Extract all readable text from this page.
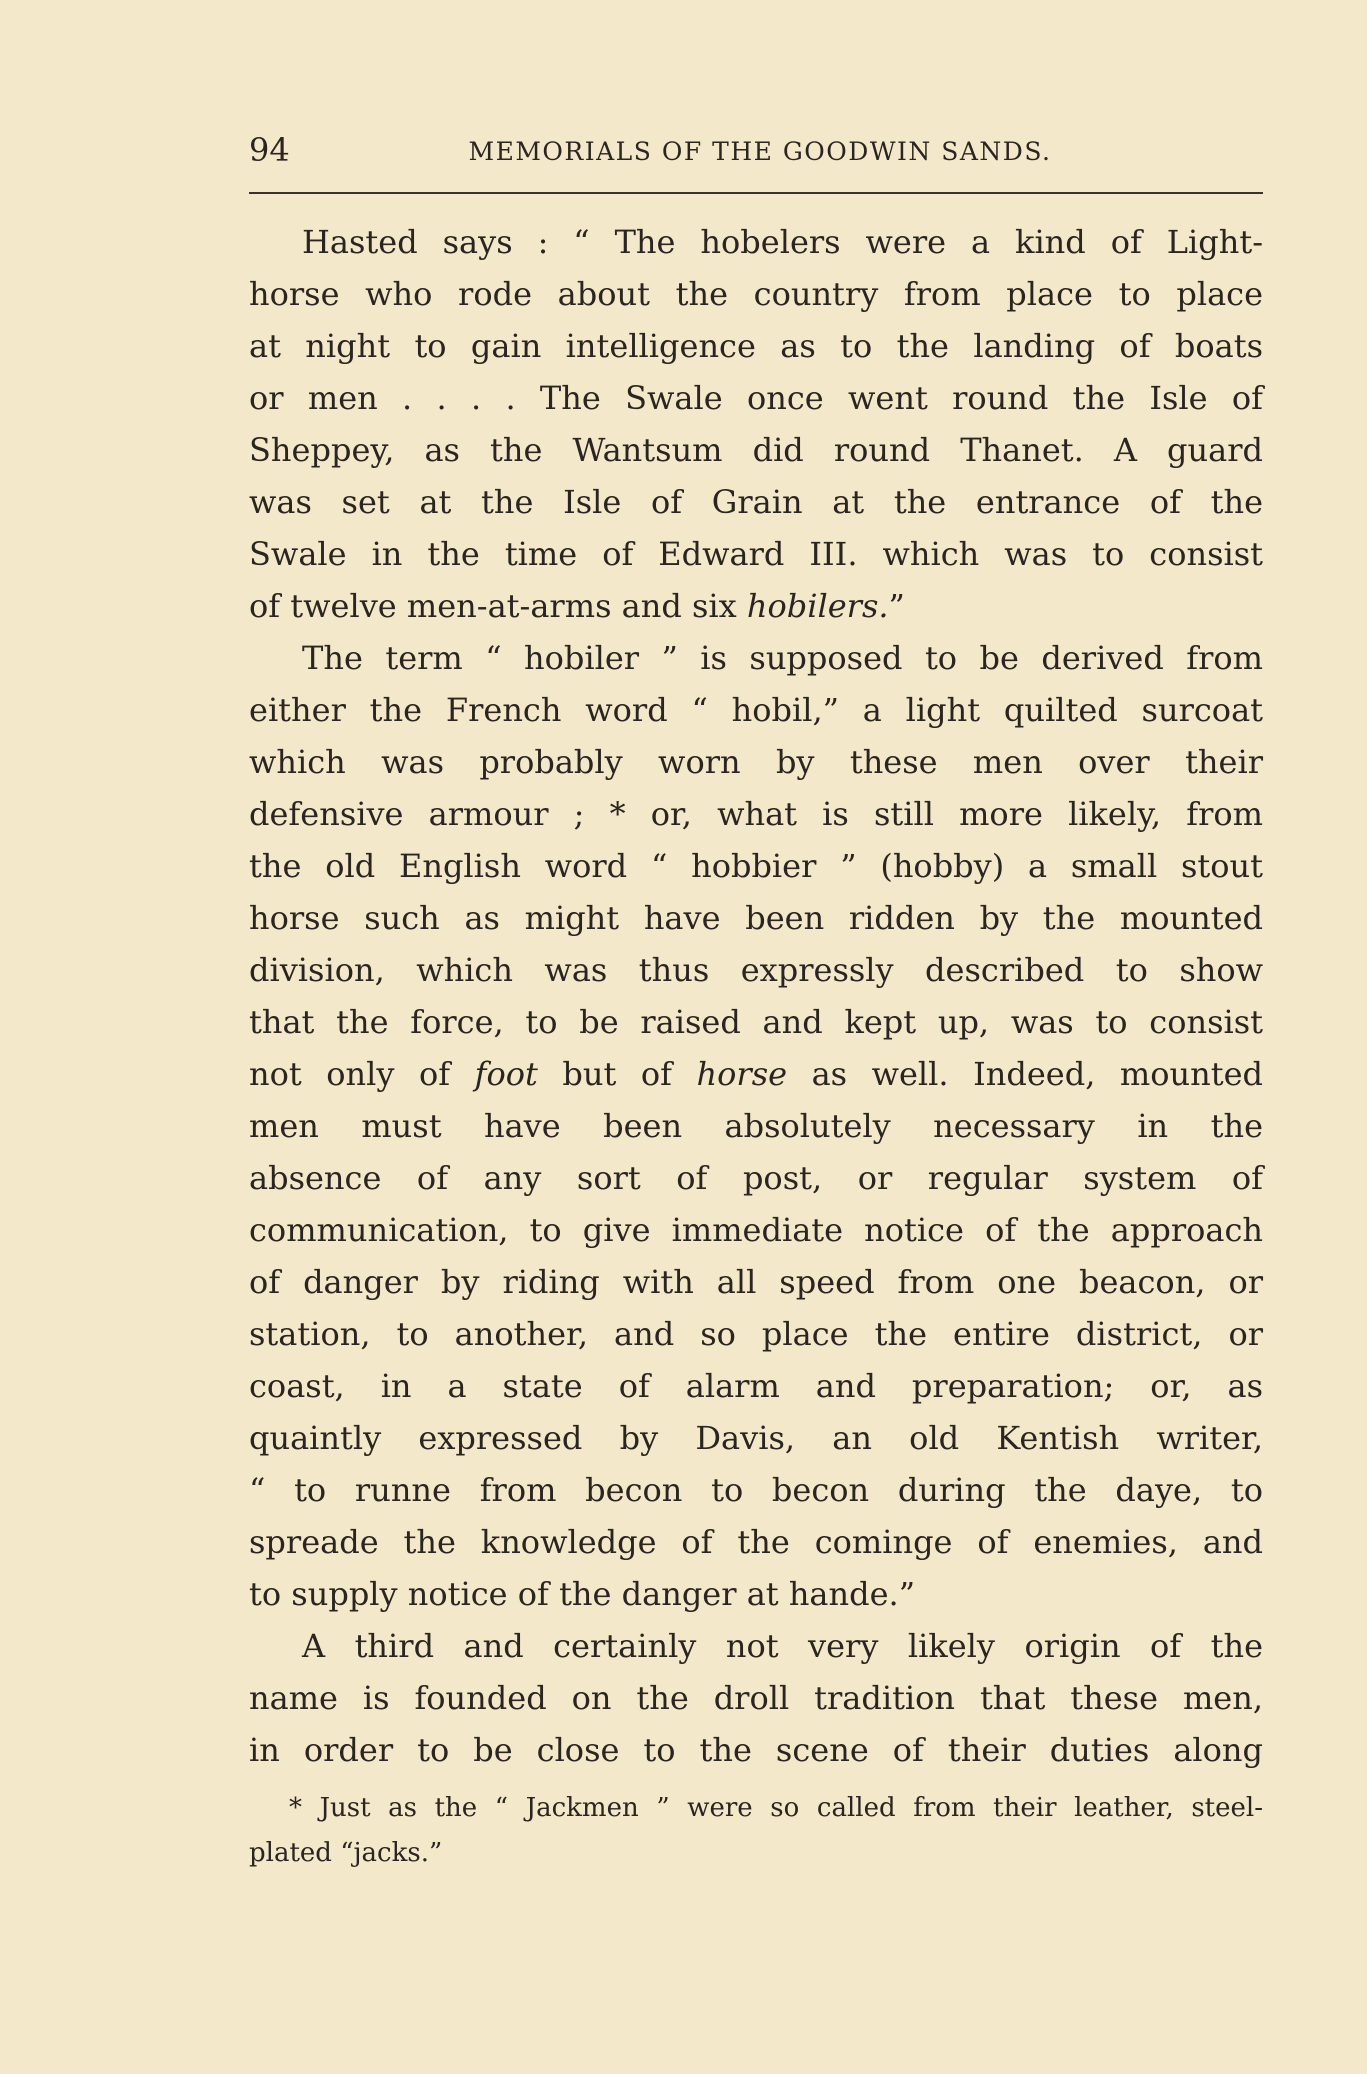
94	MEMORIALS OF THE GOODWIN SANDS.
Hasted says : “ The hobelers were a kind of Light-
horse who rode about the country from place to place
at night to gain intelligence as to the landing of boats
or men . . . . The Swale once went round the Isle of
Sheppey, as the Wantsum did round Thanet. A guard
was set at the Isle of Grain at the entrance of the
Swale in the time of Edward III. which was to consist
of twelve men-at-arms and six hobilers.”
The term “ hobiler ” is supposed to be derived from
either the French word “ hobil,” a light quilted surcoat
which was probably worn by these men over their
defensive armour ; * or, what is still more likely, from
the old English word “ hobbier ” (hobby) a small stout
horse such as might have been ridden by the mounted
division, which was thus expressly described to show
that the force, to be raised and kept up, was to consist
not only of foot but of horse as well. Indeed, mounted
men must have been absolutely necessary in the
absence of any sort of post, or regular system of
communication, to give immediate notice of the approach
of danger by riding with all speed from one beacon, or
station, to another, and so place the entire district, or
coast, in a state of alarm and preparation; or, as
quaintly expressed by Davis, an old Kentish writer,
“ to runne from becon to becon during the daye, to
spreade the knowledge of the cominge of enemies, and
to supply notice of the danger at hande.”
A third and certainly not very likely origin of the
name is founded on the droll tradition that these men,
in order to be close to the scene of their duties along
* Just as the “ Jackmen ” were so called from their leather, steel-
plated “jacks.”
